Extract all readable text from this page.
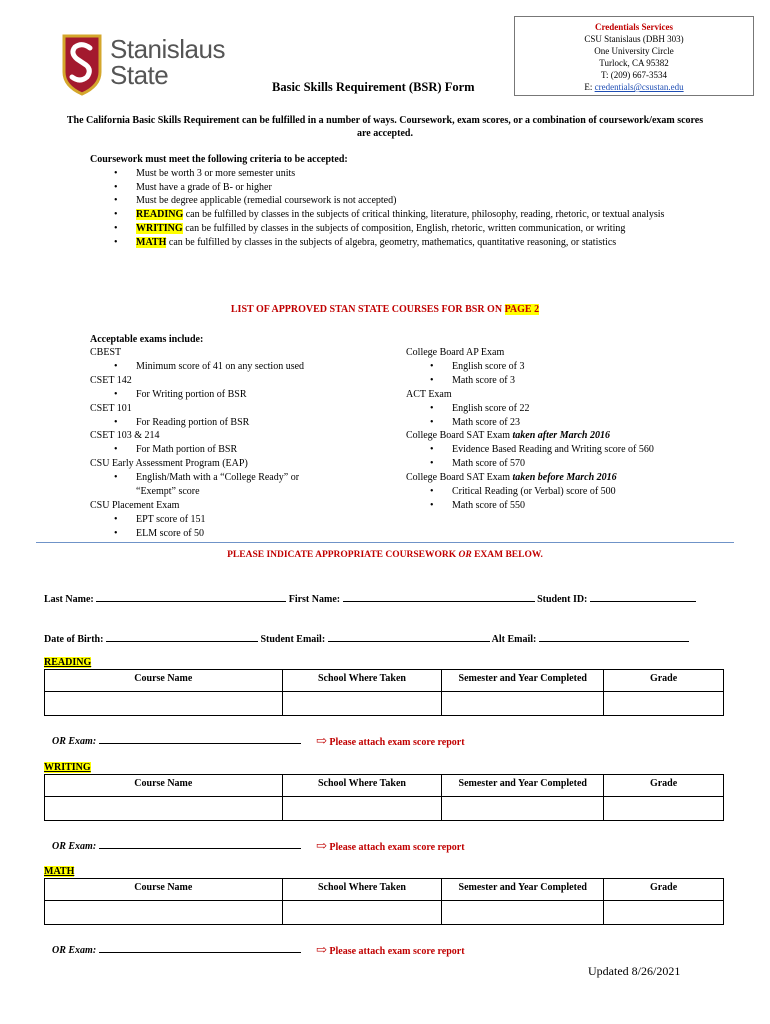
Stanislaus
State
Credentials Services
CSU Stanislaus (DBH 303)
One University Circle
Turlock, CA 95382
T: (209) 667-3534
E: credentials@csustan.edu
Basic Skills Requirement (BSR) Form
The California Basic Skills Requirement can be fulfilled in a number of ways. Coursework, exam scores, or a combination of coursework/exam scores are accepted.
Coursework must meet the following criteria to be accepted:
• Must be worth 3 or more semester units
• Must have a grade of B- or higher
• Must be degree applicable (remedial coursework is not accepted)
• READING can be fulfilled by classes in the subjects of critical thinking, literature, philosophy, reading, rhetoric, or textual analysis
• WRITING can be fulfilled by classes in the subjects of composition, English, rhetoric, written communication, or writing
• MATH can be fulfilled by classes in the subjects of algebra, geometry, mathematics, quantitative reasoning, or statistics
LIST OF APPROVED STAN STATE COURSES FOR BSR ON PAGE 2
Acceptable exams include:
CBEST
• Minimum score of 41 on any section used
CSET 142
• For Writing portion of BSR
CSET 101
• For Reading portion of BSR
CSET 103 & 214
• For Math portion of BSR
CSU Early Assessment Program (EAP)
• English/Math with a “College Ready” or “Exempt” score
CSU Placement Exam
• EPT score of 151
• ELM score of 50
College Board AP Exam
• English score of 3
• Math score of 3
ACT Exam
• English score of 22
• Math score of 23
College Board SAT Exam taken after March 2016
• Evidence Based Reading and Writing score of 560
• Math score of 570
College Board SAT Exam taken before March 2016
• Critical Reading (or Verbal) score of 500
• Math score of 550
PLEASE INDICATE APPROPRIATE COURSEWORK OR EXAM BELOW.
Last Name:	First Name:	Student ID:
Date of Birth:	Student Email:	Alt Email:
READING
Course Name	School Where Taken	Semester and Year Completed	Grade

OR Exam:	⇨ Please attach exam score report
WRITING
Course Name	School Where Taken	Semester and Year Completed	Grade

OR Exam:	⇨ Please attach exam score report
MATH
Course Name	School Where Taken	Semester and Year Completed	Grade

OR Exam:	⇨ Please attach exam score report
Updated 8/26/2021
